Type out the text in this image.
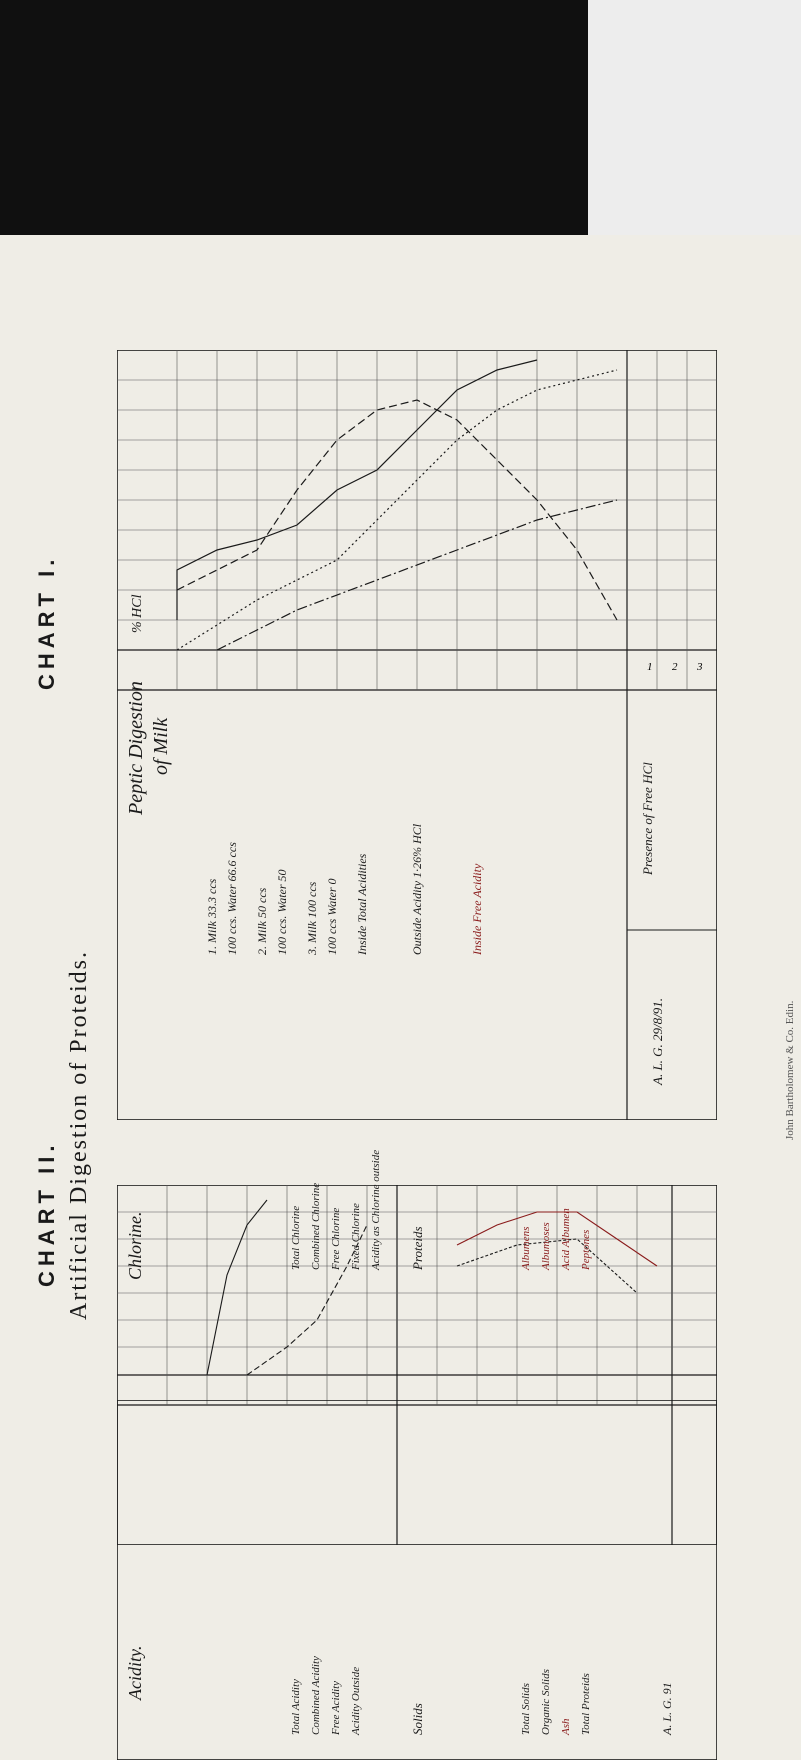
CHART I.
CHART II. Artificial Digestion of Proteids.	John Bartholomew & Co. Edin.
1 2 3
Peptic Digestion of Milk
% HCl
1. Milk 33.3 ccs 100 ccs. Water 66.6 ccs 2. Milk 50 ccs 100 ccs. Water 50 3. Milk 100 ccs 100 ccs Water 0 Inside Total Acidities	Outside Acidity 1·26% HCl	Inside Free Acidity
Presence of Free HCl
A. L. G. 29/8/91.
Chlorine.	Total Chlorine Combined Chlorine Free Chlorine Fixed Chlorine Acidity as Chlorine outside Proteids	Albumens Albumoses Acid Albumen Peptones
Acidity.
Total Acidity Combined Acidity Free Acidity Acidity Outside	Solids	Total Solids Organic Solids Ash Total Proteids	A. L. G. 91
